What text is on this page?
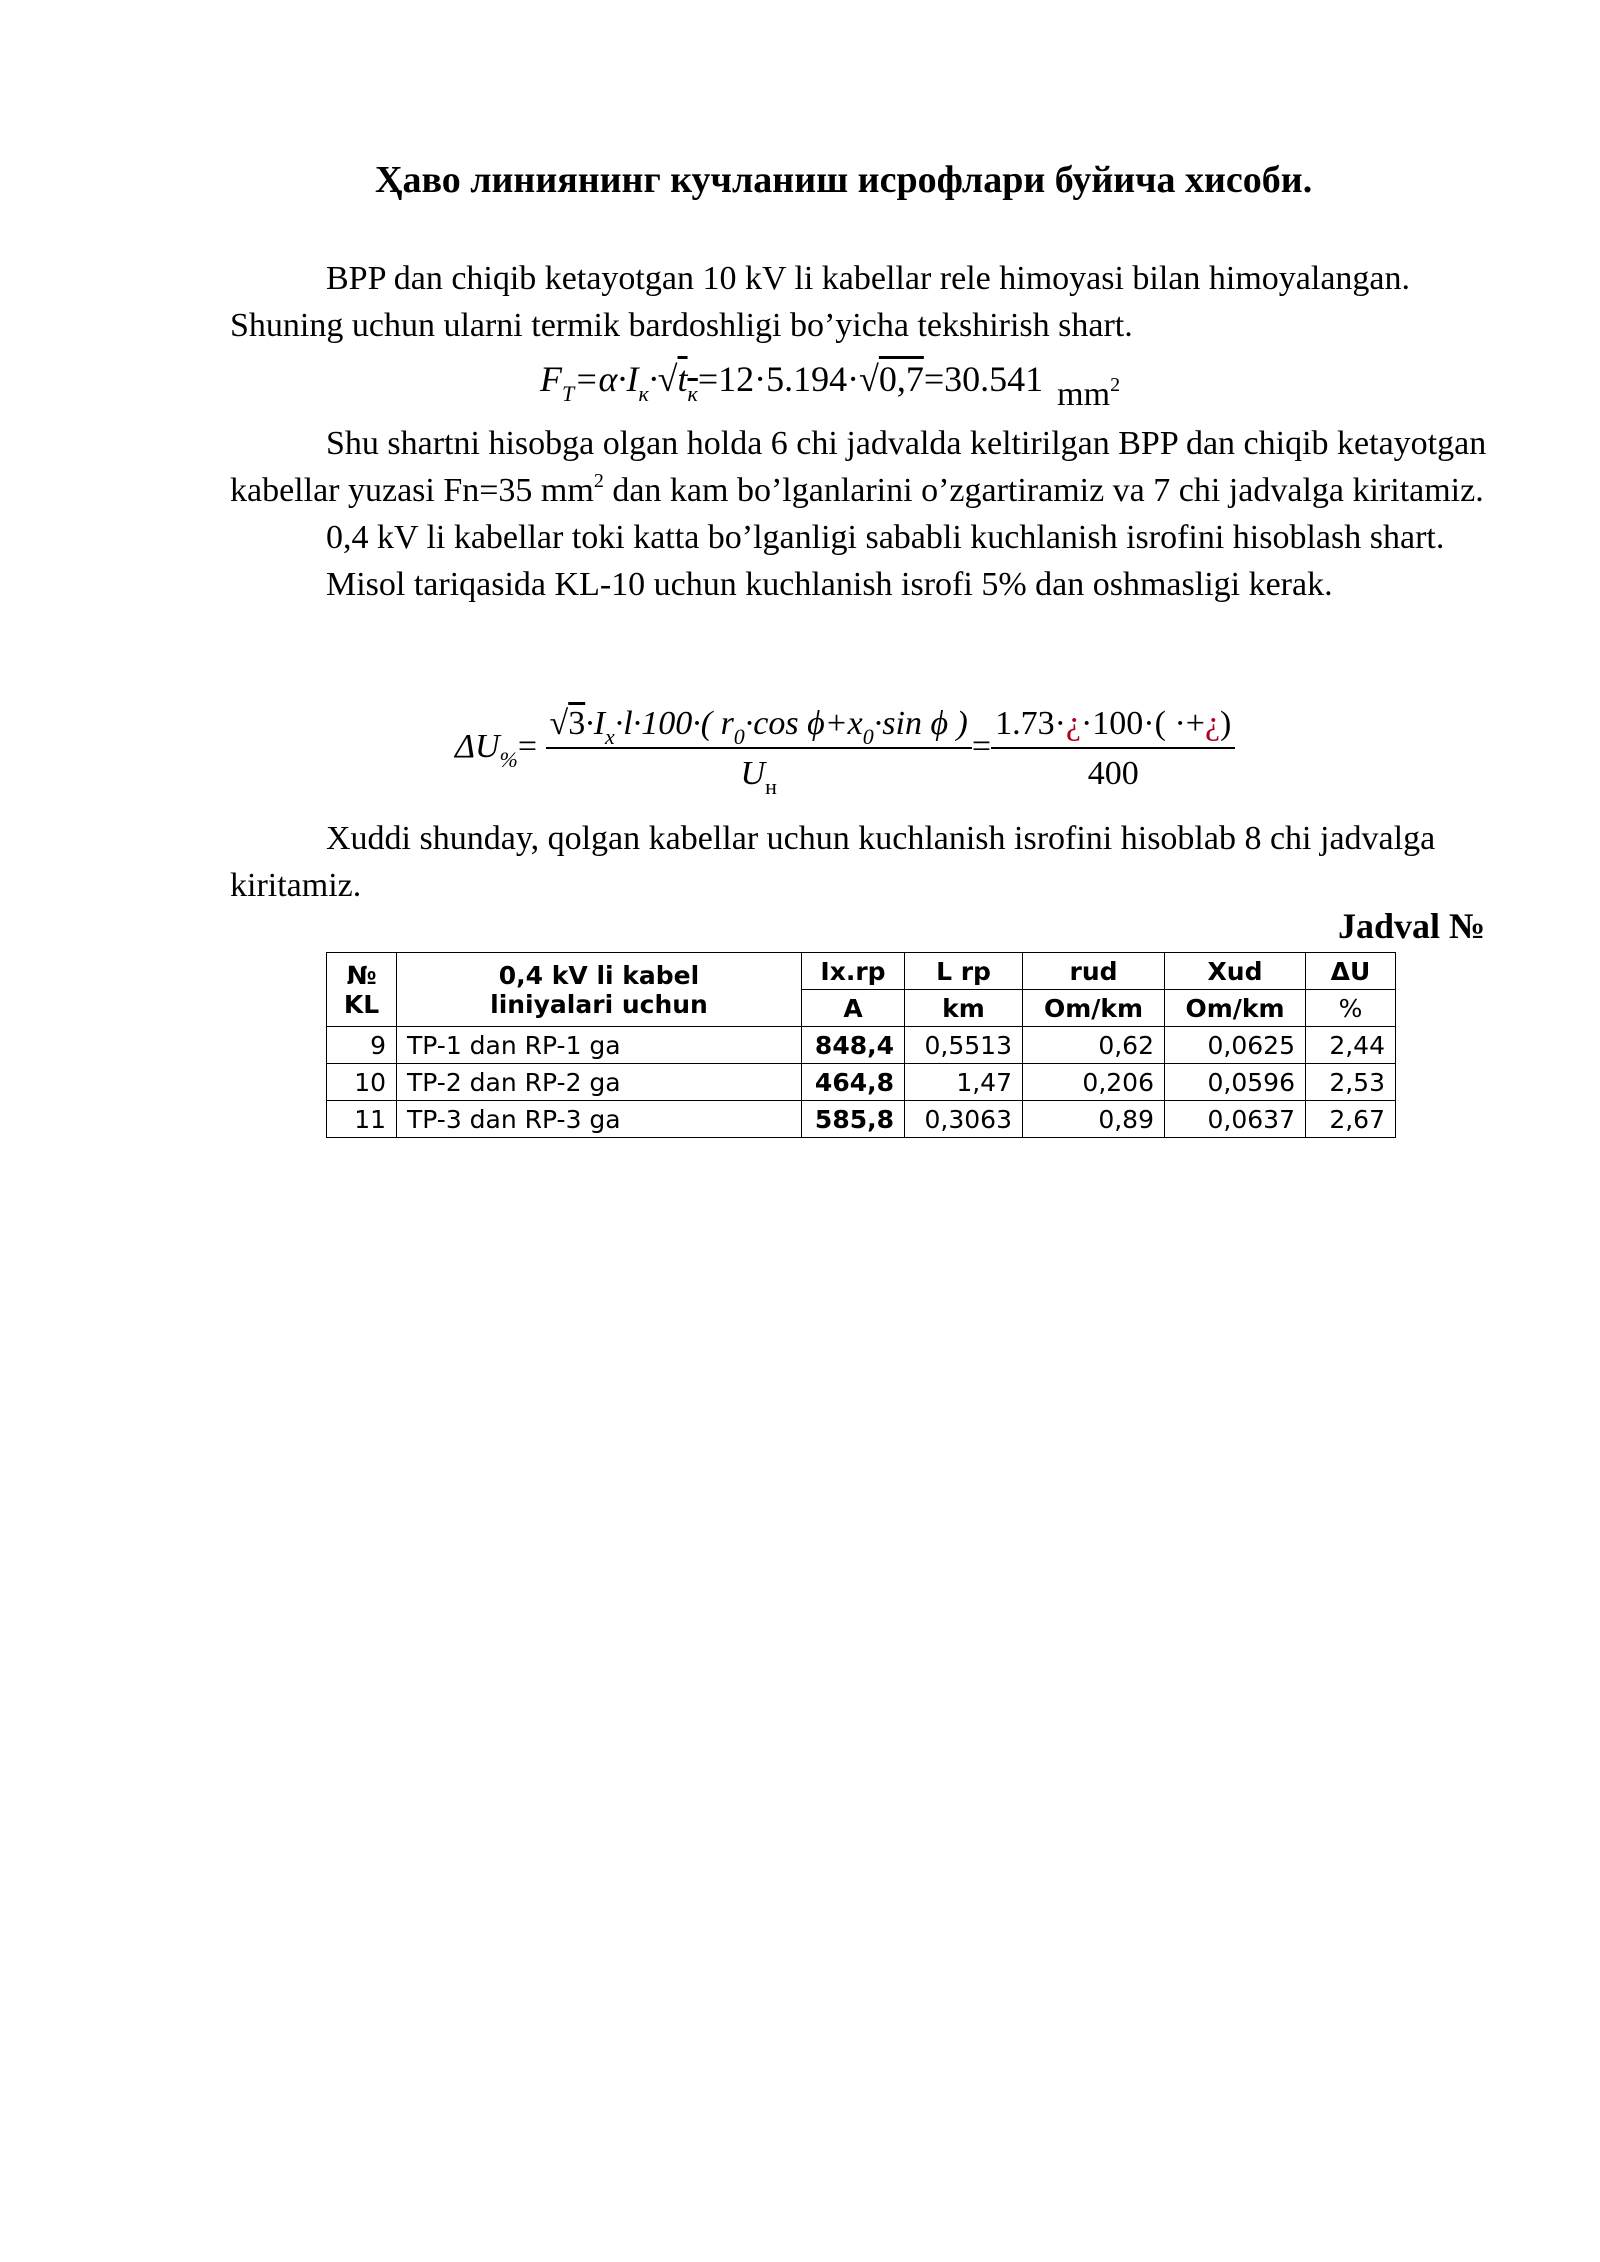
Ҳаво линиянинг кучланиш исрофлари буйича хисоби.

BPP dan chiqib ketayotgan 10 kV li kabellar rele himoyasi bilan himoyalangan. Shuning uchun ularni termik bardoshligi bo’yicha tekshirish shart.

$F_T=\alpha\cdot I_к\cdot√t_к=12\cdot 5.194\cdot√0,7=30.541$ $mm^2$

Shu shartni hisobga olgan holda 6 chi jadvalda keltirilgan BPP dan chiqib ketayotgan kabellar yuzasi Fn=35 $mm^2$ dan kam bo’lganlarini o’zgartiramiz va 7 chi jadvalga kiritamiz.

0,4 kV li kabellar toki katta bo’lganligi sababli kuchlanish isrofini hisoblash shart.

Misol tariqasida KL-10 uchun kuchlanish isrofi 5% dan oshmasligi kerak.

$\Delta U_{\%}= \frac{√3\cdot I_x\cdot l\cdot 100\cdot( r_0\cdot\cos \phi+x_0\cdot\sin \phi )}{U_н} = \frac{1.73\cdot¿\cdot 100\cdot( \cdot+¿)}{400}$

Xuddi shunday, qolgan kabellar uchun kuchlanish isrofini hisoblab 8 chi jadvalga kiritamiz.

Jadval №
№
KL	0,4 kV li kabel liniyalari uchun	Ix.rp	L rp	rud	Xud	ΔU
		A	km	Om/km	Om/km	%
9	TP-1 dan RP-1 ga	848,4	0,5513	0,62	0,0625	2,44
10	TP-2 dan RP-2 ga	464,8	1,47	0,206	0,0596	2,53
11	TP-3 dan RP-3 ga	585,8	0,3063	0,89	0,0637	2,67
